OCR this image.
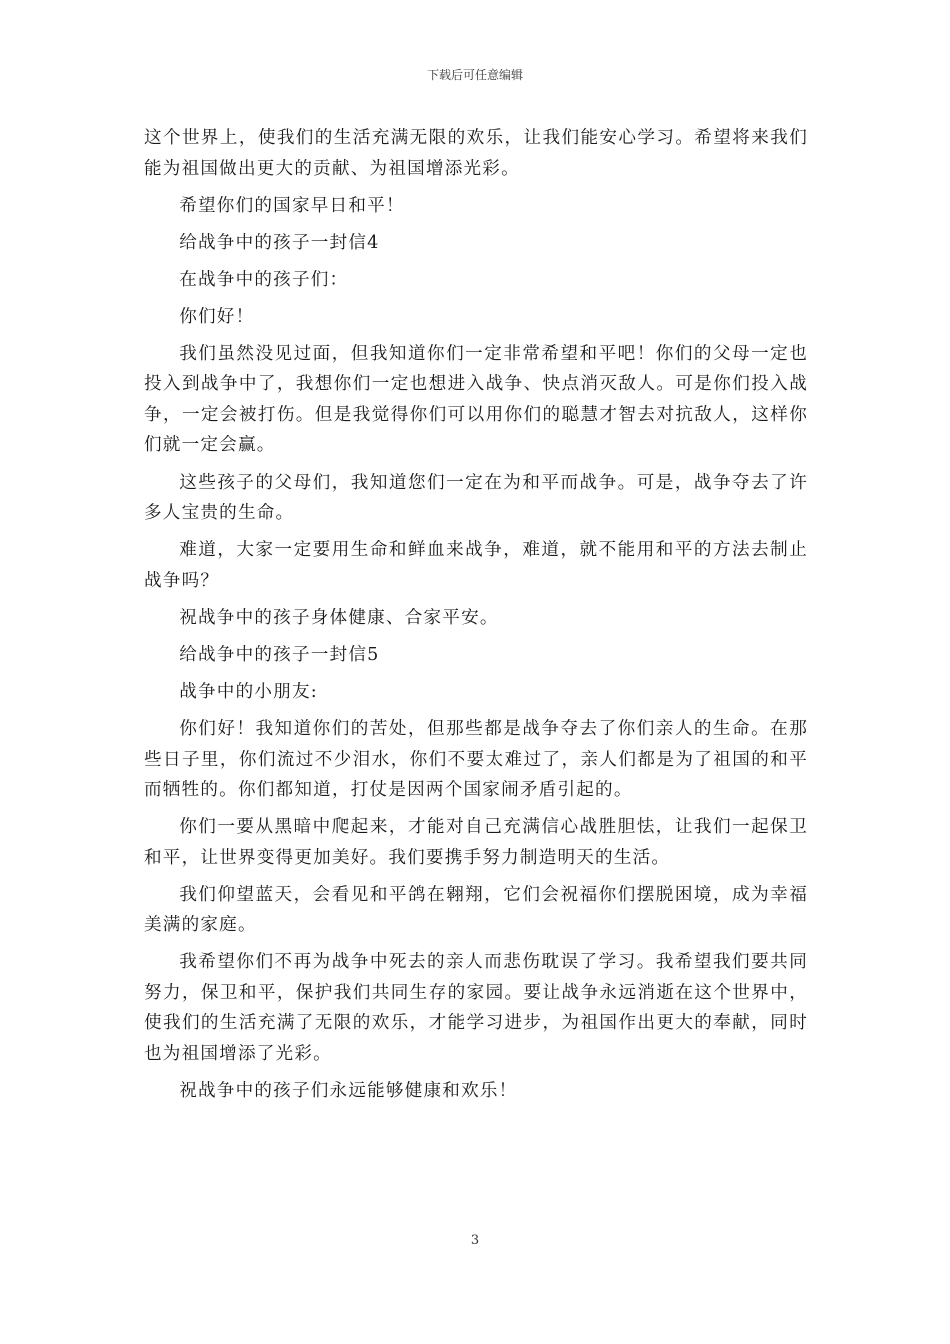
下载后可任意编辑

这个世界上，使我们的生活充满无限的欢乐，让我们能安心学习。希望将来我们能为祖国做出更大的贡献、为祖国增添光彩。

希望你们的国家早日和平！

给战争中的孩子一封信4

在战争中的孩子们：

你们好！

我们虽然没见过面，但我知道你们一定非常希望和平吧！你们的父母一定也投入到战争中了，我想你们一定也想进入战争、快点消灭敌人。可是你们投入战争，一定会被打伤。但是我觉得你们可以用你们的聪慧才智去对抗敌人，这样你们就一定会赢。

这些孩子的父母们，我知道您们一定在为和平而战争。可是，战争夺去了许多人宝贵的生命。

难道，大家一定要用生命和鲜血来战争，难道，就不能用和平的方法去制止战争吗？

祝战争中的孩子身体健康、合家平安。

给战争中的孩子一封信5

战争中的小朋友:

你们好！我知道你们的苦处，但那些都是战争夺去了你们亲人的生命。在那些日子里，你们流过不少泪水，你们不要太难过了，亲人们都是为了祖国的和平而牺牲的。你们都知道，打仗是因两个国家闹矛盾引起的。

你们一要从黑暗中爬起来，才能对自己充满信心战胜胆怯，让我们一起保卫和平，让世界变得更加美好。我们要携手努力制造明天的生活。

我们仰望蓝天，会看见和平鸽在翱翔，它们会祝福你们摆脱困境，成为幸福美满的家庭。

我希望你们不再为战争中死去的亲人而悲伤耽误了学习。我希望我们要共同努力，保卫和平，保护我们共同生存的家园。要让战争永远消逝在这个世界中，使我们的生活充满了无限的欢乐，才能学习进步，为祖国作出更大的奉献，同时也为祖国增添了光彩。

祝战争中的孩子们永远能够健康和欢乐！

3
